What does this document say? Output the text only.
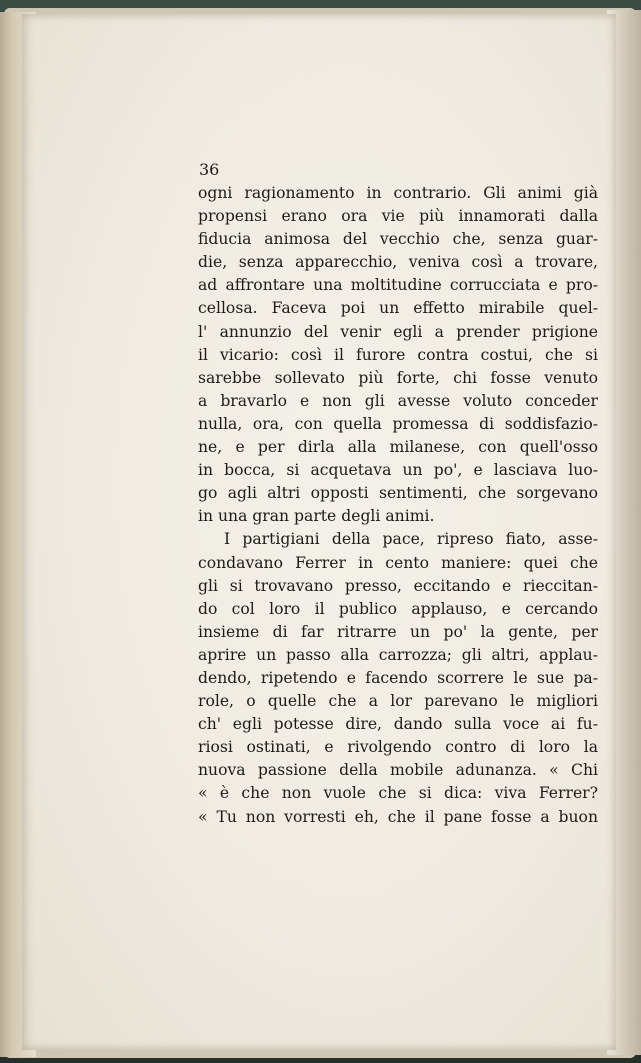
36
ogni ragionamento in contrario. Gli animi già
propensi erano ora vie più innamorati dalla
fiducia animosa del vecchio che, senza guar-
die, senza apparecchio, veniva così a trovare,
ad affrontare una moltitudine corrucciata e pro-
cellosa. Faceva poi un effetto mirabile quel-
l' annunzio del venir egli a prender prigione
il vicario: così il furore contra costui, che si
sarebbe sollevato più forte, chi fosse venuto
a bravarlo e non gli avesse voluto conceder
nulla, ora, con quella promessa di soddisfazio-
ne, e per dirla alla milanese, con quell'osso
in bocca, si acquetava un po', e lasciava luo-
go agli altri opposti sentimenti, che sorgevano
in una gran parte degli animi.
I partigiani della pace, ripreso fiato, asse-
condavano Ferrer in cento maniere: quei che
gli si trovavano presso, eccitando e rieccitan-
do col loro il publico applauso, e cercando
insieme di far ritrarre un po' la gente, per
aprire un passo alla carrozza; gli altri, applau-
dendo, ripetendo e facendo scorrere le sue pa-
role, o quelle che a lor parevano le migliori
ch' egli potesse dire, dando sulla voce ai fu-
riosi ostinati, e rivolgendo contro di loro la
nuova passione della mobile adunanza. « Chi
« è che non vuole che si dica: viva Ferrer?
« Tu non vorresti eh, che il pane fosse a buon
